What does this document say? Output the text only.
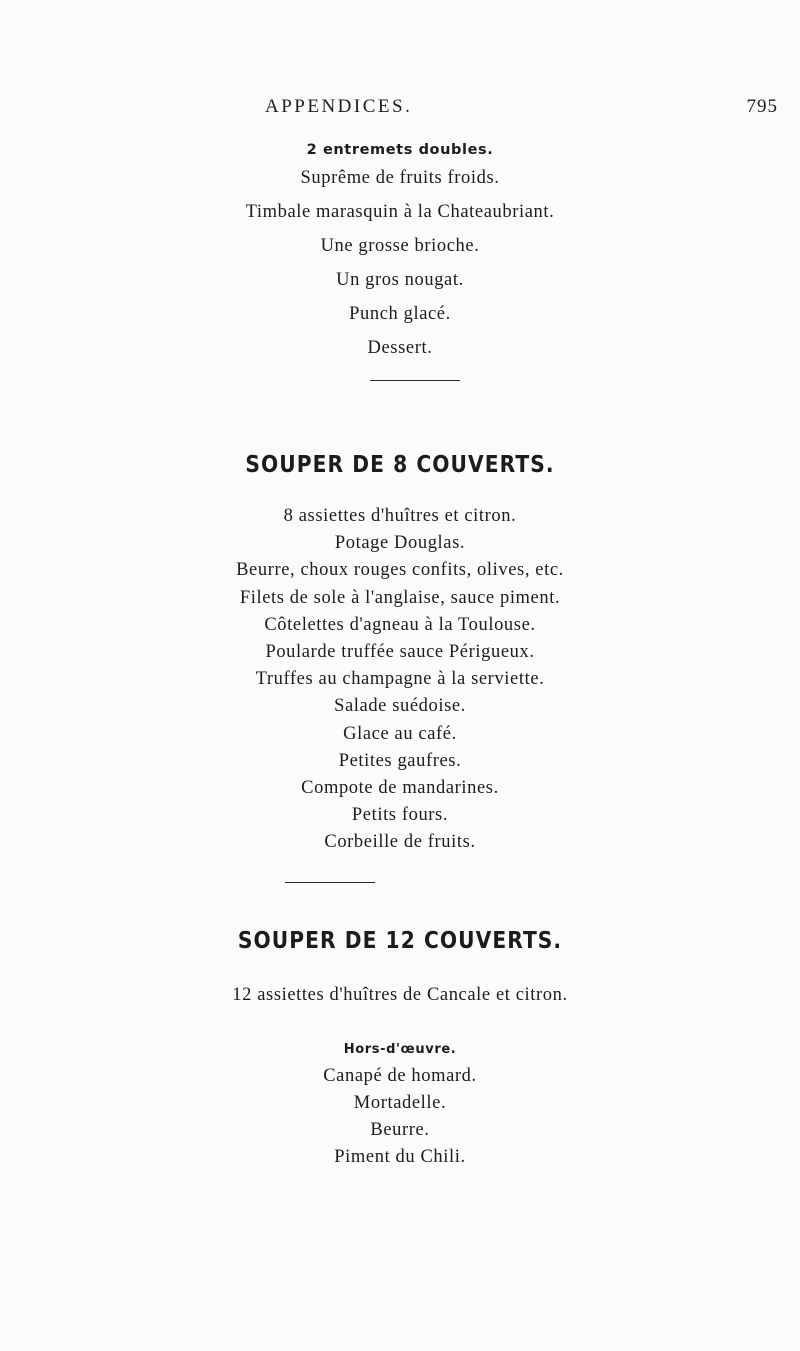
APPENDICES.	795
2 entremets doubles.
Suprême de fruits froids.
Timbale marasquin à la Chateaubriant.
Une grosse brioche.
Un gros nougat.
Punch glacé.
Dessert.
SOUPER DE 8 COUVERTS.
8 assiettes d'huîtres et citron.
Potage Douglas.
Beurre, choux rouges confits, olives, etc.
Filets de sole à l'anglaise, sauce piment.
Côtelettes d'agneau à la Toulouse.
Poularde truffée sauce Périgueux.
Truffes au champagne à la serviette.
Salade suédoise.
Glace au café.
Petites gaufres.
Compote de mandarines.
Petits fours.
Corbeille de fruits.
SOUPER DE 12 COUVERTS.
12 assiettes d'huîtres de Cancale et citron.
Hors-d'œuvre.
Canapé de homard.
Mortadelle.
Beurre.
Piment du Chili.
